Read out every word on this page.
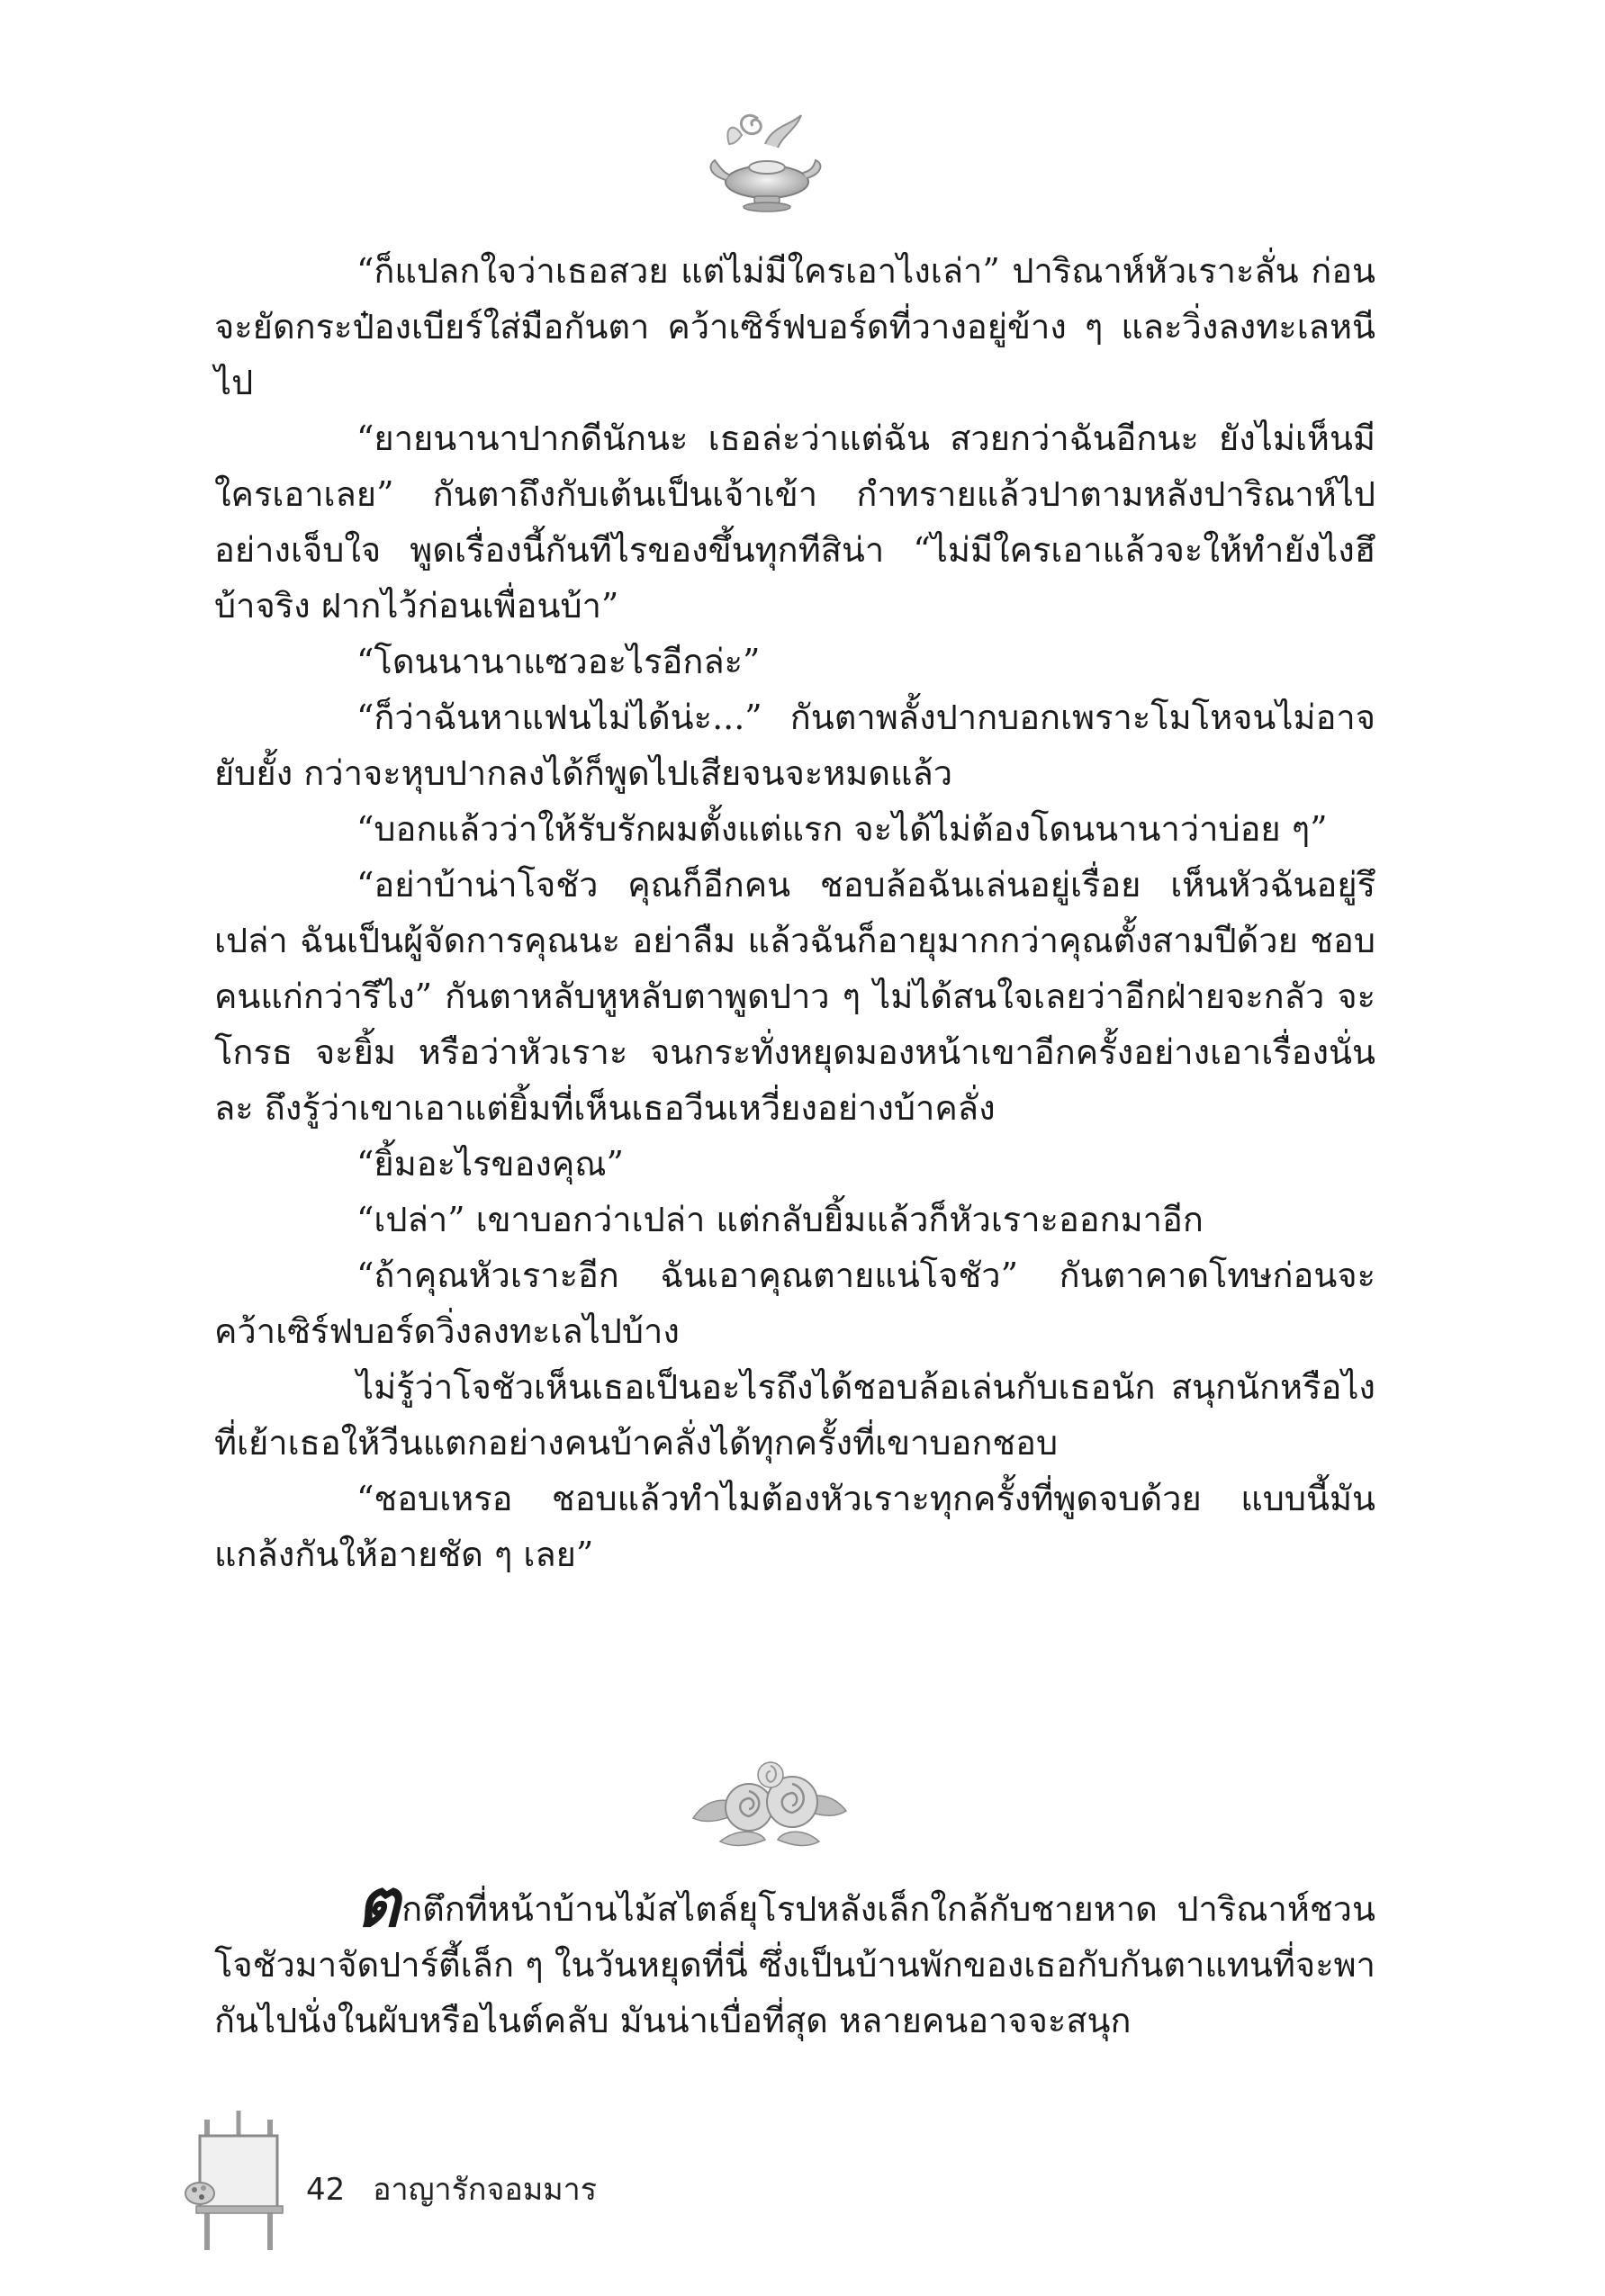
“ก็แปลกใจว่าเธอสวย แต่ไม่มีใครเอาไงเล่า” ปาริณาห์หัวเราะลั่น ก่อนจะยัดกระป๋องเบียร์ใส่มือกันตา คว้าเซิร์ฟบอร์ดที่วางอยู่ข้าง ๆ และวิ่งลงทะเลหนีไป

“ยายนานาปากดีนักนะ เธอล่ะว่าแต่ฉัน สวยกว่าฉันอีกนะ ยังไม่เห็นมีใครเอาเลย” กันตาถึงกับเต้นเป็นเจ้าเข้า กำทรายแล้วปาตามหลังปาริณาห์ไปอย่างเจ็บใจ พูดเรื่องนี้กันทีไรของขึ้นทุกทีสิน่า “ไม่มีใครเอาแล้วจะให้ทำยังไงฮึ บ้าจริง ฝากไว้ก่อนเพื่อนบ้า”

“โดนนานาแซวอะไรอีกล่ะ”

“ก็ว่าฉันหาแฟนไม่ได้น่ะ...” กันตาพลั้งปากบอกเพราะโมโหจนไม่อาจยับยั้ง กว่าจะหุบปากลงได้ก็พูดไปเสียจนจะหมดแล้ว

“บอกแล้วว่าให้รับรักผมตั้งแต่แรก จะได้ไม่ต้องโดนนานาว่าบ่อย ๆ”

“อย่าบ้าน่าโจชัว คุณก็อีกคน ชอบล้อฉันเล่นอยู่เรื่อย เห็นหัวฉันอยู่รึเปล่า ฉันเป็นผู้จัดการคุณนะ อย่าลืม แล้วฉันก็อายุมากกว่าคุณตั้งสามปีด้วย ชอบคนแก่กว่ารึไง” กันตาหลับหูหลับตาพูดปาว ๆ ไม่ได้สนใจเลยว่าอีกฝ่ายจะกลัว จะโกรธ จะยิ้ม หรือว่าหัวเราะ จนกระทั่งหยุดมองหน้าเขาอีกครั้งอย่างเอาเรื่องนั่นละ ถึงรู้ว่าเขาเอาแต่ยิ้มที่เห็นเธอวีนเหวี่ยงอย่างบ้าคลั่ง

“ยิ้มอะไรของคุณ”

“เปล่า” เขาบอกว่าเปล่า แต่กลับยิ้มแล้วก็หัวเราะออกมาอีก

“ถ้าคุณหัวเราะอีก ฉันเอาคุณตายแน่โจชัว” กันตาคาดโทษก่อนจะคว้าเซิร์ฟบอร์ดวิ่งลงทะเลไปบ้าง

ไม่รู้ว่าโจชัวเห็นเธอเป็นอะไรถึงได้ชอบล้อเล่นกับเธอนัก สนุกนักหรือไงที่เย้าเธอให้วีนแตกอย่างคนบ้าคลั่งได้ทุกครั้งที่เขาบอกชอบ

“ชอบเหรอ ชอบแล้วทำไมต้องหัวเราะทุกครั้งที่พูดจบด้วย แบบนี้มันแกล้งกันให้อายชัด ๆ เลย”

ตกตึกที่หน้าบ้านไม้สไตล์ยุโรปหลังเล็กใกล้กับชายหาด ปาริณาห์ชวนโจชัวมาจัดปาร์ตี้เล็ก ๆ ในวันหยุดที่นี่ ซึ่งเป็นบ้านพักของเธอกับกันตาแทนที่จะพากันไปนั่งในผับหรือไนต์คลับ มันน่าเบื่อที่สุด หลายคนอาจจะสนุก

42 อาญารักจอมมาร
